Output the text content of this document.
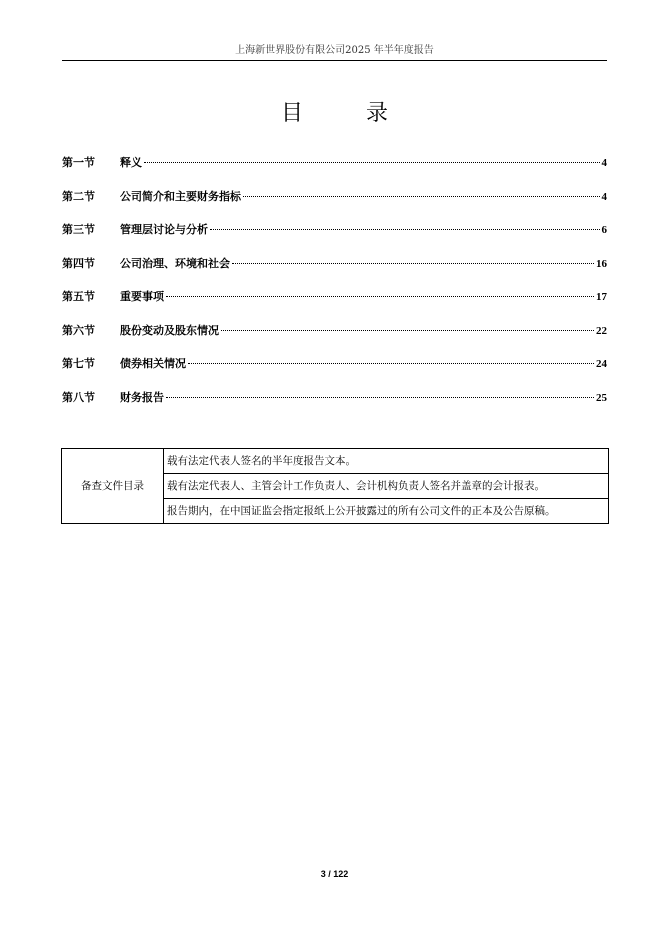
上海新世界股份有限公司2025 年半年度报告
目 录
第一节	释义	4
第二节	公司简介和主要财务指标	4
第三节	管理层讨论与分析	6
第四节	公司治理、环境和社会	16
第五节	重要事项	17
第六节	股份变动及股东情况	22
第七节	债券相关情况	24
第八节	财务报告	25
备查文件目录	载有法定代表人签名的半年度报告文本。
载有法定代表人、主管会计工作负责人、会计机构负责人签名并盖章的会计报表。
报告期内，在中国证监会指定报纸上公开披露过的所有公司文件的正本及公告原稿。
3 / 122
